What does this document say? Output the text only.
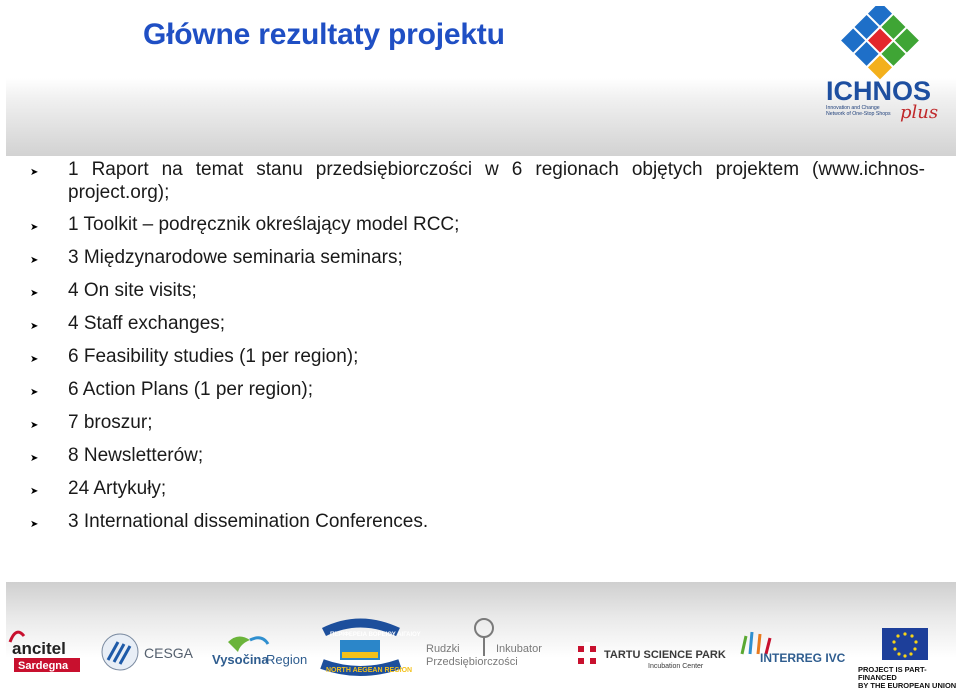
Główne rezultaty projektu
ICHNOS
Innovation and Change
Network of One-Stop Shops plus
➤ 1 Raport na temat stanu przedsiębiorczości w 6 regionach objętych projektem (www.ichnos-project.org);
➤ 1 Toolkit – podręcznik określający model RCC;
➤ 3 Międzynarodowe seminaria seminars;
➤ 4 On site visits;
➤ 4 Staff exchanges;
➤ 6 Feasibility studies (1 per region);
➤ 6 Action Plans (1 per region);
➤ 7 broszur;
➤ 8 Newsletterów;
➤ 24 Artykuły;
➤ 3 International dissemination Conferences.
ancitel
Sardegna
CESGA Vysočina
Region
ΠΕΡΙΦΕΡΕΙΑ ΒΟΡΕΙΟΥ ΑΙΓΑΙΟΥ
NORTH AEGEAN REGION
Rudzki	Inkubator
Przedsiębiorczości
TARTU SCIENCE PARK
Incubation Center
INTERREG IVC
PROJECT IS PART-FINANCED
BY THE EUROPEAN UNION
